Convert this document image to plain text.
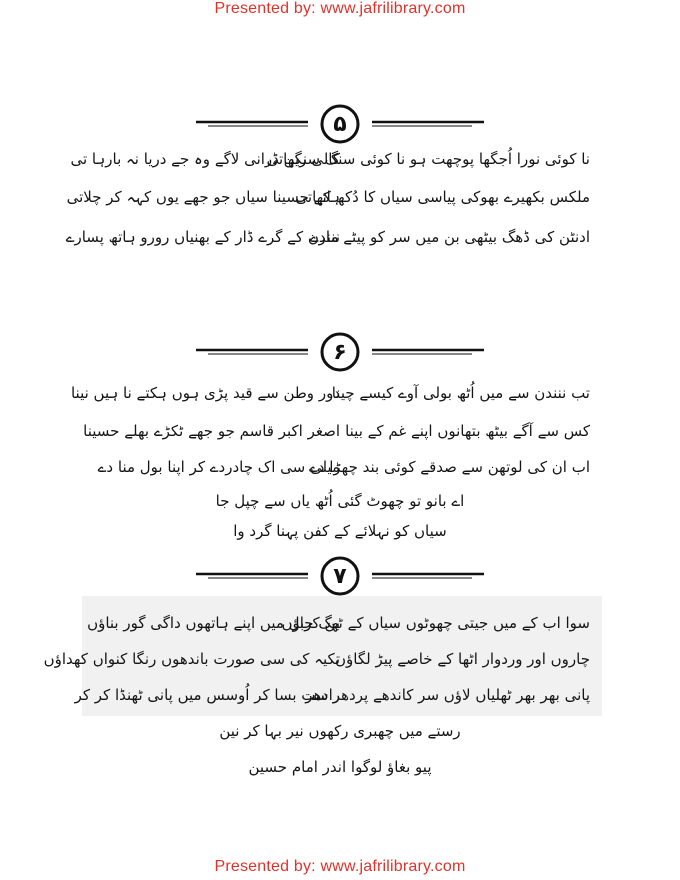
Presented by: www.jafrilibrary.com
۵
نا کوئی نورا اُجگھا پوچھت ہو نا کوئی سنگ سنگھاتی
کالی رین ڈرانی لاگے وہ جے دریا نہ بارہا تی
ملکس بکھیرے بھوکی پیاسی سیاں کا دُکھ کھاتی
ہائے حسینا سیاں جو جھے یوں کہہ کر چلاتی
ادنٹن کی ڈھگ بیٹھی بن میں سر کو پیٹے مارے
ننندن کے گرے ڈار کے بھنیاں رورو ہاتھ پسارے
۶
تب ننندن سے میں اُٹھ بولی آوے کیسے چینا
دور وطن سے قید پڑی ہوں ہکتے نا ہیں نینا
کس سے آگے بیٹھ بتھانوں اپنے غم کے بینا
اصغر اکبر قاسم جو جھے ٹکڑے بھلے حسینا
اب ان کی لوتھن سے صدقے کوئی بند چھڑا دے
میلی سی اک چادردے کر اپنا بول منا دے
اے بانو تو چھوٹ گئی اُٹھ یاں سے چپل جا
سیاں کو نہلائے کے کفن پہنا گرد وا
۷
سوا اب کے میں جیتی چھوٹوں سیاں کے ٹھگ جاؤں
بن کربل میں اپنے ہاتھوں داگی گور بناؤں
چاروں اور وردوار اٹھا کے خاصے پیڑ لگاؤں
تکیہ کی سی صورت باندھوں رنگا کنواں کھداؤں
پانی بھر بھر ٹھلیاں لاؤں سر کاندھے پردھر دھر
راست بسا کر اُوسس میں پانی ٹھنڈا کر کر
رستے میں چھبری رکھوں نیر بہا کر نین
پیو بغاؤ لوگوا اندر امام حسین
Presented by: www.jafrilibrary.com
